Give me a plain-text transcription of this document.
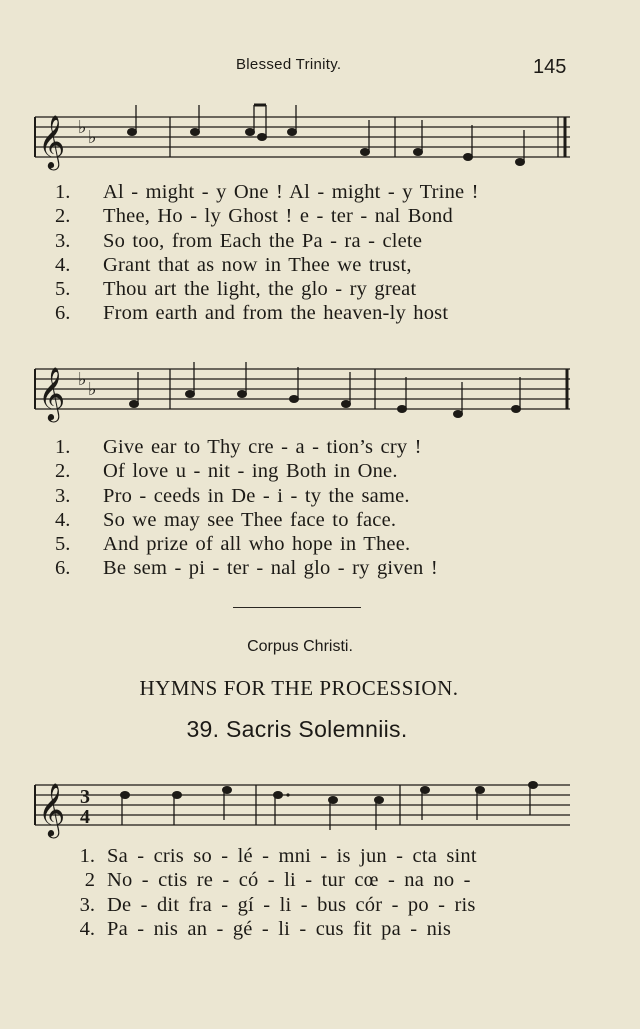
Blessed Trinity.	145
𝄞 ♭ ♭
1.	Al - might - y One ! Al - might - y Trine !
2.	Thee, Ho - ly Ghost ! e - ter - nal Bond
3.	So too, from Each the Pa - ra - clete
4.	Grant that as now in Thee we trust,
5.	Thou art the light, the glo - ry great
6.	From earth and from the heaven-ly host
𝄞 ♭ ♭
1.	Give ear to Thy cre - a - tion’s cry !
2.	Of love u - nit - ing Both in One.
3.	Pro - ceeds in De - i - ty the same.
4.	So we may see Thee face to face.
5.	And prize of all who hope in Thee.
6.	Be sem - pi - ter - nal glo - ry given !
Corpus Christi.
HYMNS FOR THE PROCESSION.
39. Sacris Solemniis.
𝄞 3
4
1. Sa - cris so - lé - mni - is jun - cta sint
2 No - ctis re - có - li - tur cœ - na no -
3. De - dit fra - gí - li - bus cór - po - ris
4. Pa - nis an - gé - li - cus fit pa - nis
